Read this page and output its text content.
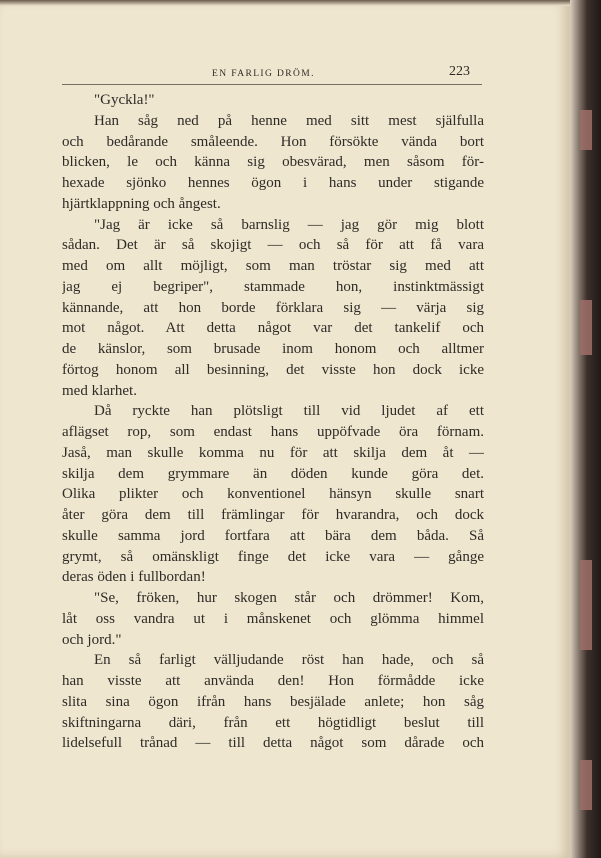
EN FARLIG DRÖM.	223
"Gyckla!"
Han såg ned på henne med sitt mest själfulla
och bedårande småleende. Hon försökte vända bort
blicken, le och känna sig obesvärad, men såsom för-
hexade sjönko hennes ögon i hans under stigande
hjärtklappning och ångest.
"Jag är icke så barnslig — jag gör mig blott
sådan. Det är så skojigt — och så för att få vara
med om allt möjligt, som man tröstar sig med att
jag ej begriper", stammade hon, instinktmässigt
kännande, att hon borde förklara sig — värja sig
mot något. Att detta något var det tankelif och
de känslor, som brusade inom honom och alltmer
förtog honom all besinning, det visste hon dock icke
med klarhet.
Då ryckte han plötsligt till vid ljudet af ett
aflägset rop, som endast hans uppöfvade öra förnam.
Jaså, man skulle komma nu för att skilja dem åt —
skilja dem grymmare än döden kunde göra det.
Olika plikter och konventionel hänsyn skulle snart
åter göra dem till främlingar för hvarandra, och dock
skulle samma jord fortfara att bära dem båda. Så
grymt, så omänskligt finge det icke vara — gånge
deras öden i fullbordan!
"Se, fröken, hur skogen står och drömmer! Kom,
låt oss vandra ut i månskenet och glömma himmel
och jord."
En så farligt välljudande röst han hade, och så
han visste att använda den! Hon förmådde icke
slita sina ögon ifrån hans besjälade anlete; hon såg
skiftningarna däri, från ett högtidligt beslut till
lidelsefull trånad — till detta något som dårade och
